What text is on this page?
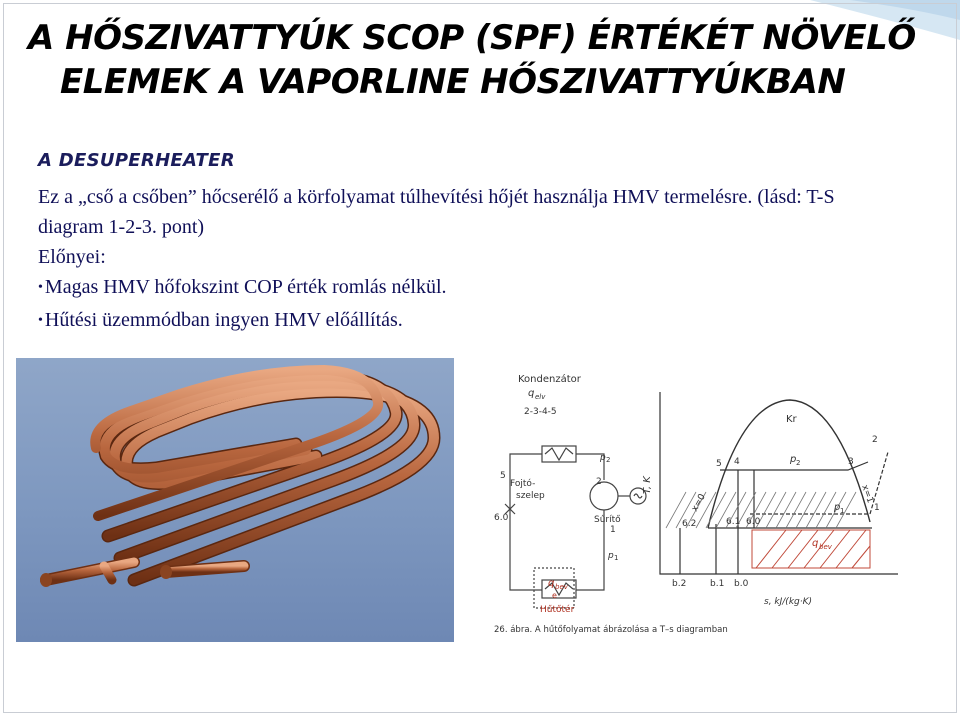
A HŐSZIVATTYÚK SCOP (SPF) ÉRTÉKÉT NÖVELŐ
ELEMEK A VAPORLINE HŐSZIVATTYÚKBAN
A DESUPERHEATER

Ez a „cső a csőben” hőcserélő a körfolyamat túlhevítési hőjét használja HMV termelésre. (lásd: T-S diagram 1-2-3. pont)

Előnyei:

• Magas HMV hőfokszint COP érték romlás nélkül.

• Hűtési üzemmódban ingyen HMV előállítás.

Kondenzátor
q elv
2-3-4-5
p 2
Fojtó-
szelep
Sűrítő
p 1
q bev
e
Hűtőtér
5
2
1
6.0
T, K
Kr
x=0	x=1
5 4	3
2
1
6.2	6.1 6.0
p 2
p 1
q bev
b.2	b.1 b.0
s, kJ/(kg·K)
26. ábra. A hűtőfolyamat ábrázolása a T–s diagramban
